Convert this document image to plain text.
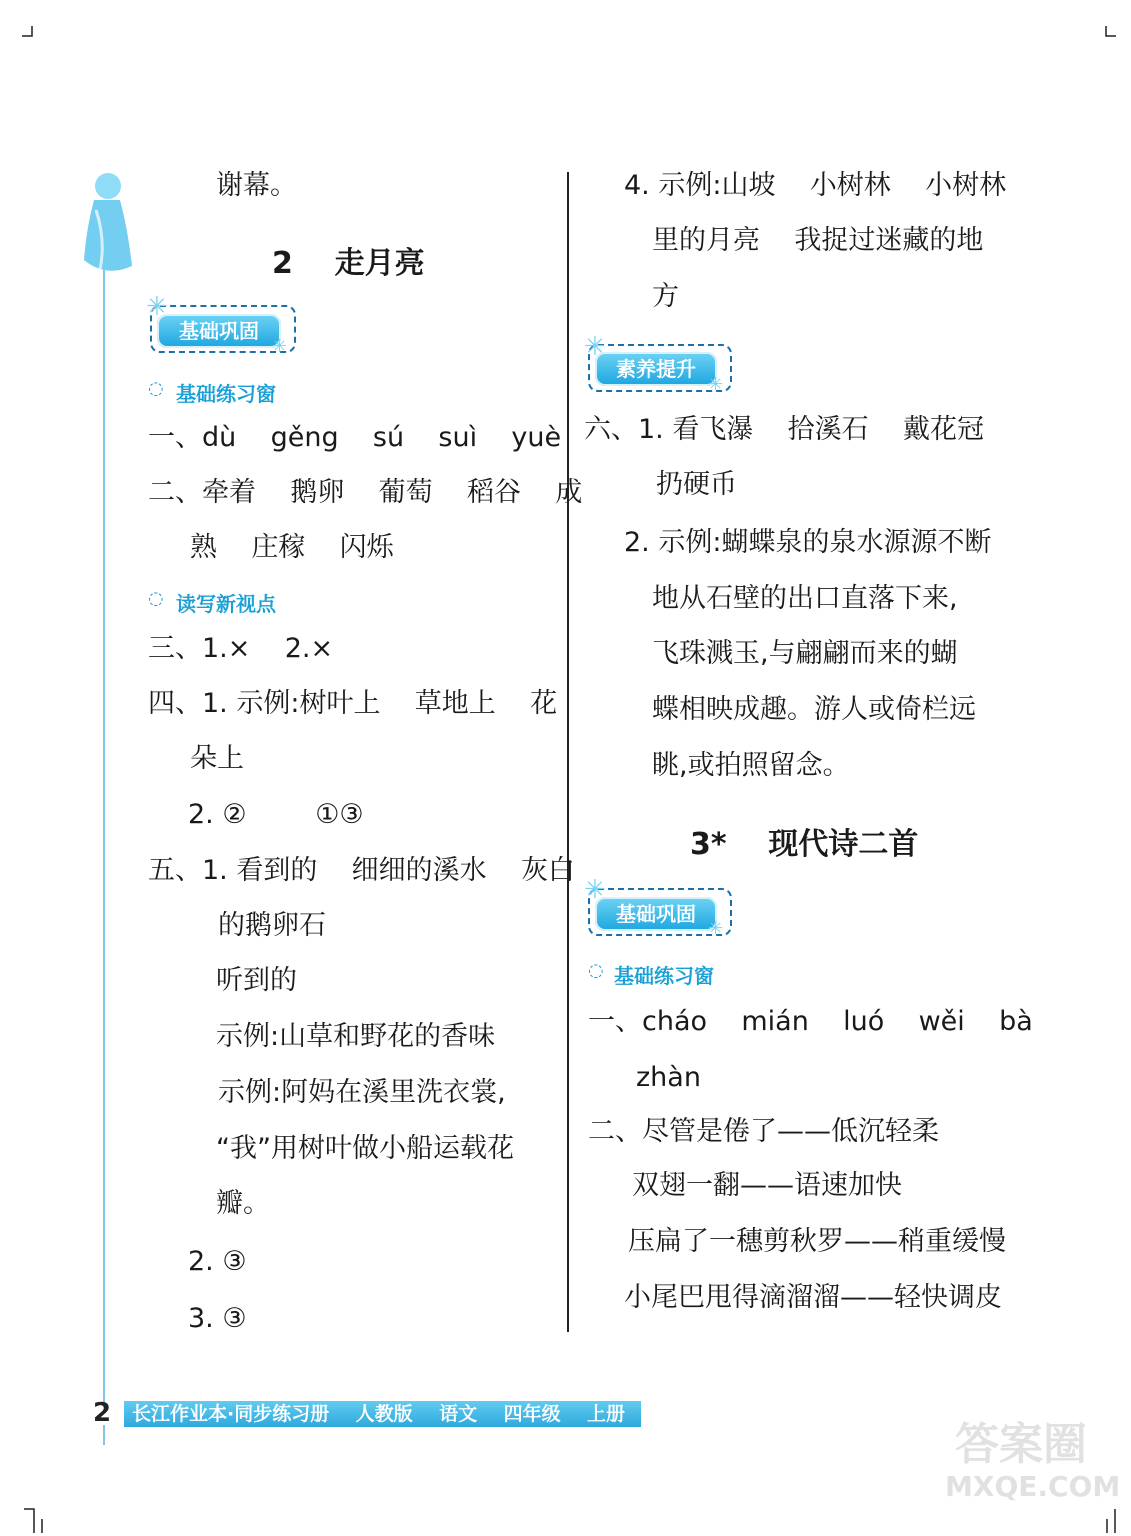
谢幕。
2    走月亮
基础巩固
✳
✳
◌ 基础练习窗
一、dù    gěng    sú    suì    yuè
二、牵着    鹅卵    葡萄    稻谷    成
熟    庄稼    闪烁
◌ 读写新视点
三、1.×    2.×
四、1. 示例:树叶上    草地上    花
朵上
2. ②        ①③
五、1. 看到的    细细的溪水    灰白
的鹅卵石
听到的
示例:山草和野花的香味
示例:阿妈在溪里洗衣裳,
“我”用树叶做小船运载花
瓣。
2. ③
3. ③
4. 示例:山坡    小树林    小树林
里的月亮    我捉过迷藏的地
方
素养提升
✳
✳
六、1. 看飞瀑    拾溪石    戴花冠
扔硬币
2. 示例:蝴蝶泉的泉水源源不断
地从石壁的出口直落下来,
飞珠溅玉,与翩翩而来的蝴
蝶相映成趣。游人或倚栏远
眺,或拍照留念。
3*    现代诗二首
基础巩固
✳
✳
◌ 基础练习窗
一、cháo    mián    luó    wěi    bà
zhàn
二、尽管是倦了——低沉轻柔
双翅一翻——语速加快
压扁了一穗剪秋罗——稍重缓慢
小尾巴甩得滴溜溜——轻快调皮
2	长江作业本·同步练习册    人教版    语文    四年级    上册
答案圈
MXQE.COM
